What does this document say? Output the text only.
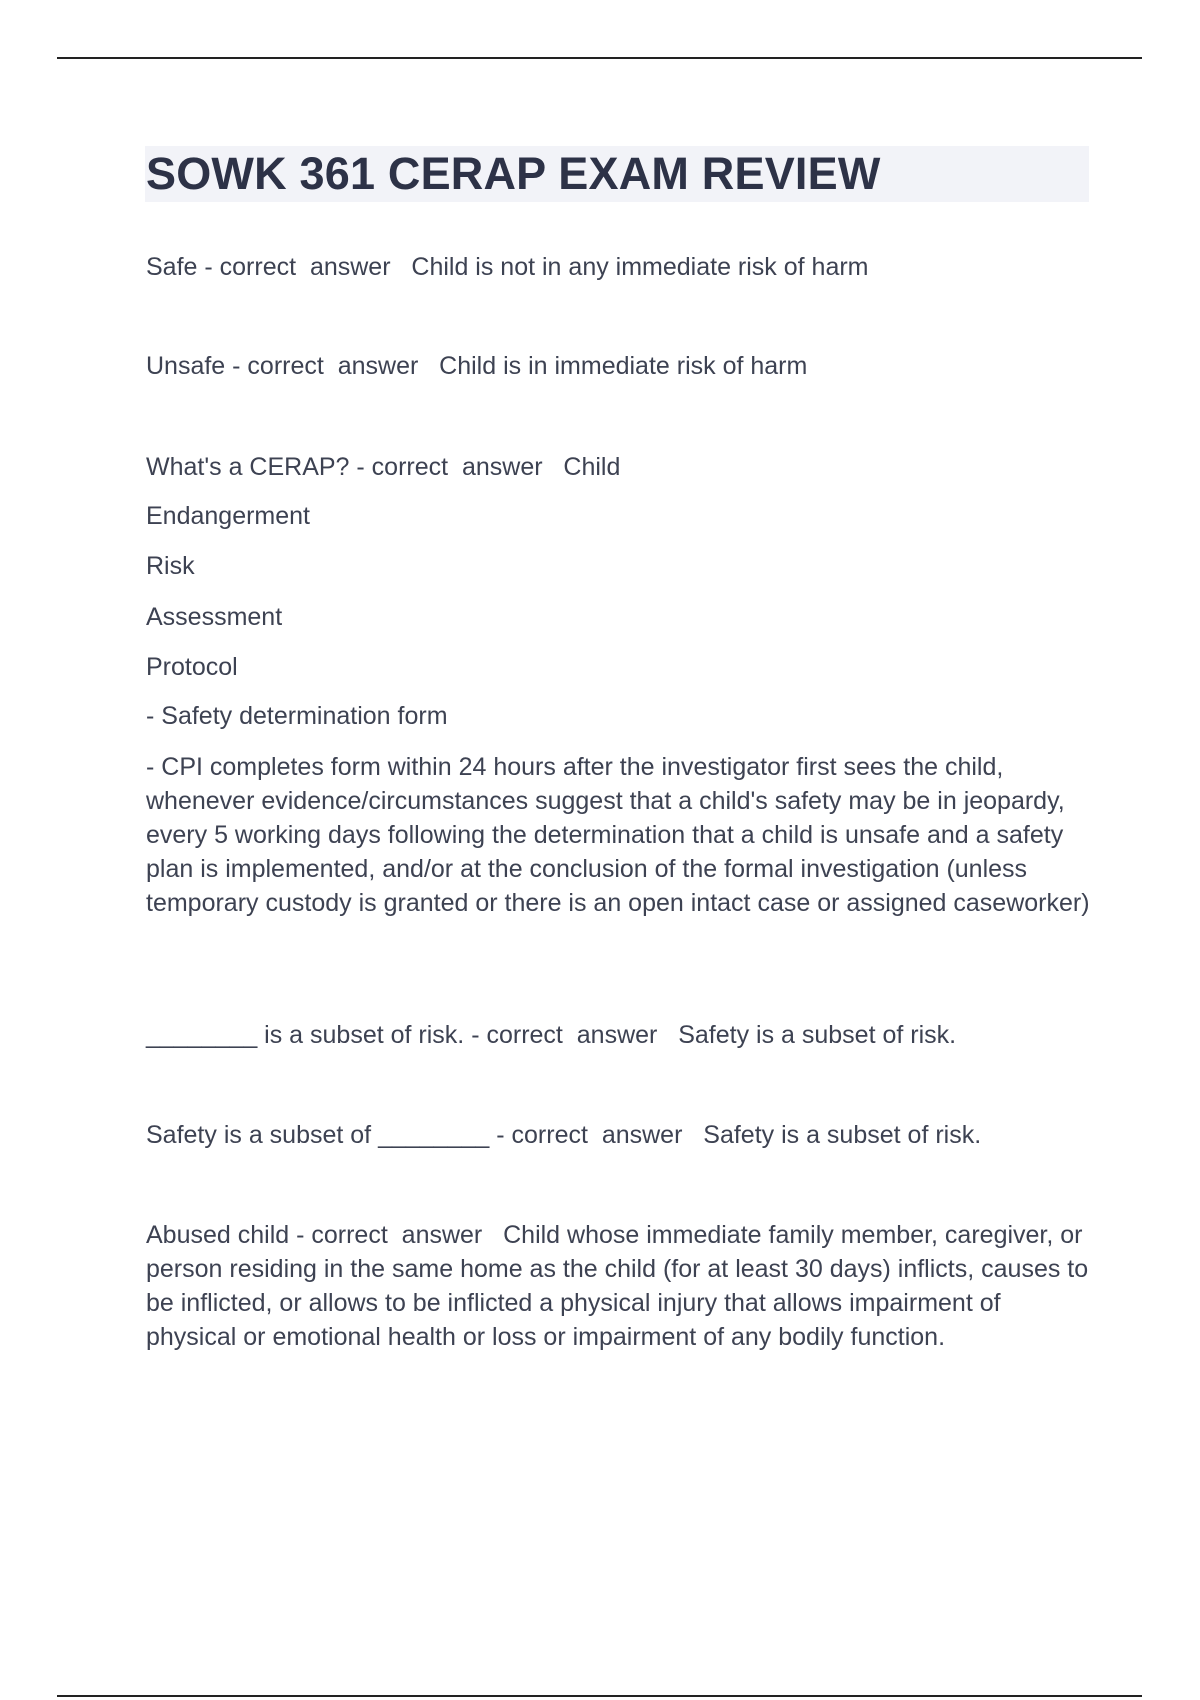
SOWK 361 CERAP EXAM REVIEW

Safe - correct  answer   Child is not in any immediate risk of harm

Unsafe - correct  answer   Child is in immediate risk of harm

What's a CERAP? - correct  answer   Child

Endangerment

Risk

Assessment

Protocol

- Safety determination form

- CPI completes form within 24 hours after the investigator first sees the child, whenever evidence/circumstances suggest that a child's safety may be in jeopardy, every 5 working days following the determination that a child is unsafe and a safety plan is implemented, and/or at the conclusion of the formal investigation (unless temporary custody is granted or there is an open intact case or assigned caseworker)

________ is a subset of risk. - correct  answer   Safety is a subset of risk.

Safety is a subset of ________ - correct  answer   Safety is a subset of risk.

Abused child - correct  answer   Child whose immediate family member, caregiver, or person residing in the same home as the child (for at least 30 days) inflicts, causes to be inflicted, or allows to be inflicted a physical injury that allows impairment of physical or emotional health or loss or impairment of any bodily function.
